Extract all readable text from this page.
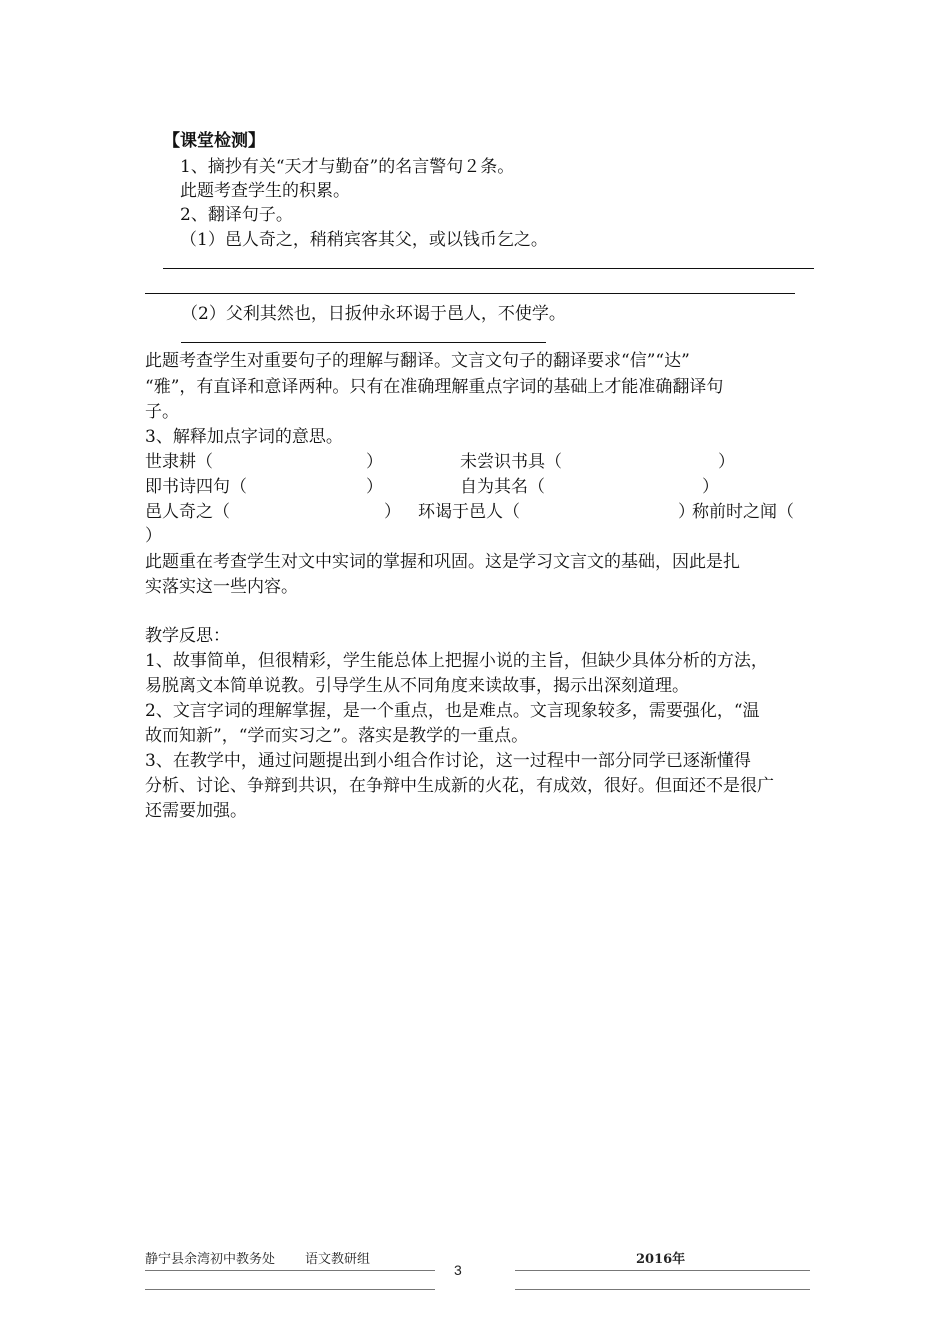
【课堂检测】
1、摘抄有关“天才与勤奋”的名言警句２条。
此题考查学生的积累。
2、翻译句子。
（1）邑人奇之，稍稍宾客其父，或以钱币乞之。
（2）父利其然也，日扳仲永环谒于邑人，不使学。
此题考查学生对重要句子的理解与翻译。文言文句子的翻译要求“信”“达”
“雅”，有直译和意译两种。只有在准确理解重点字词的基础上才能准确翻译句
子。
3、解释加点字词的意思。
世隶耕（	）	未尝识书具（	）
即书诗四句（	）	自为其名（	）
邑人奇之（	） 环谒于邑人（	）
称前时之闻（
）
此题重在考查学生对文中实词的掌握和巩固。这是学习文言文的基础，因此是扎
实落实这一些内容。
教学反思：
1、故事简单，但很精彩，学生能总体上把握小说的主旨，但缺少具体分析的方法，
易脱离文本简单说教。引导学生从不同角度来读故事，揭示出深刻道理。
2、文言字词的理解掌握，是一个重点，也是难点。文言现象较多，需要强化，“温
故而知新”，“学而实习之”。落实是教学的一重点。
3、在教学中，通过问题提出到小组合作讨论，这一过程中一部分同学已逐渐懂得
分析、讨论、争辩到共识，在争辩中生成新的火花，有成效，很好。但面还不是很广
还需要加强。
静宁县余湾初中教务处 语文教研组
3
2016年
